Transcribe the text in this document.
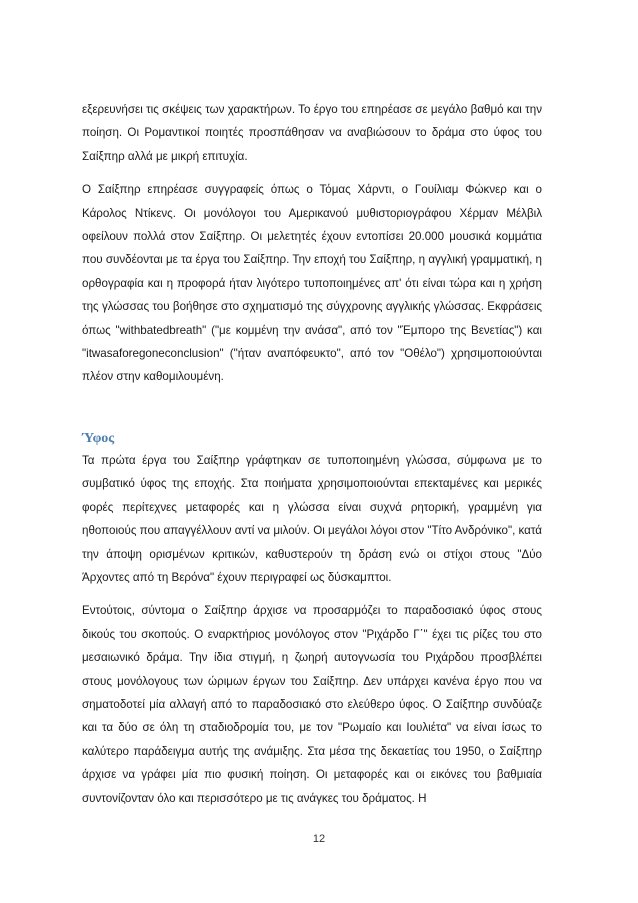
εξερευνήσει τις σκέψεις των χαρακτήρων. Το έργο του επηρέασε σε μεγάλο βαθμό και την ποίηση. Οι Ρομαντικοί ποιητές προσπάθησαν να αναβιώσουν το δράμα στο ύφος του Σαίξπηρ αλλά με μικρή επιτυχία.

Ο Σαίξπηρ επηρέασε συγγραφείς όπως ο Τόμας Χάρντι, ο Γουίλιαμ Φώκνερ και ο Κάρολος Ντίκενς. Οι μονόλογοι του Αμερικανού μυθιστοριογράφου Χέρμαν Μέλβιλ οφείλουν πολλά στον Σαίξπηρ. Οι μελετητές έχουν εντοπίσει 20.000 μουσικά κομμάτια που συνδέονται με τα έργα του Σαίξπηρ. Την εποχή του Σαίξπηρ, η αγγλική γραμματική, η ορθογραφία και η προφορά ήταν λιγότερο τυποποιημένες απ' ότι είναι τώρα και η χρήση της γλώσσας του βοήθησε στο σχηματισμό της σύγχρονης αγγλικής γλώσσας. Εκφράσεις όπως "withbatedbreath" ("με κομμένη την ανάσα", από τον "Έμπορο της Βενετίας") και "itwasaforegoneconclusion" ("ήταν αναπόφευκτο", από τον "Οθέλο") χρησιμοποιούνται πλέον στην καθομιλουμένη.

Ύφος

Τα πρώτα έργα του Σαίξπηρ γράφτηκαν σε τυποποιημένη γλώσσα, σύμφωνα με το συμβατικό ύφος της εποχής. Στα ποιήματα χρησιμοποιούνται επεκταμένες και μερικές φορές περίτεχνες μεταφορές και η γλώσσα είναι συχνά ρητορική, γραμμένη για ηθοποιούς που απαγγέλλουν αντί να μιλούν. Οι μεγάλοι λόγοι στον "Τίτο Ανδρόνικο", κατά την άποψη ορισμένων κριτικών, καθυστερούν τη δράση ενώ οι στίχοι στους "Δύο Άρχοντες από τη Βερόνα" έχουν περιγραφεί ως δύσκαμπτοι.

Εντούτοις, σύντομα ο Σαίξπηρ άρχισε να προσαρμόζει το παραδοσιακό ύφος στους δικούς του σκοπούς. Ο εναρκτήριος μονόλογος στον "Ριχάρδο Γ΄" έχει τις ρίζες του στο μεσαιωνικό δράμα. Την ίδια στιγμή, η ζωηρή αυτογνωσία του Ριχάρδου προσβλέπει στους μονόλογους των ώριμων έργων του Σαίξπηρ. Δεν υπάρχει κανένα έργο που να σηματοδοτεί μία αλλαγή από το παραδοσιακό στο ελεύθερο ύφος. Ο Σαίξπηρ συνδύαζε και τα δύο σε όλη τη σταδιοδρομία του, με τον "Ρωμαίο και Ιουλιέτα" να είναι ίσως το καλύτερο παράδειγμα αυτής της ανάμιξης. Στα μέσα της δεκαετίας του 1950, ο Σαίξπηρ άρχισε να γράφει μία πιο φυσική ποίηση. Οι μεταφορές και οι εικόνες του βαθμιαία συντονίζονταν όλο και περισσότερο με τις ανάγκες του δράματος. Η

12
